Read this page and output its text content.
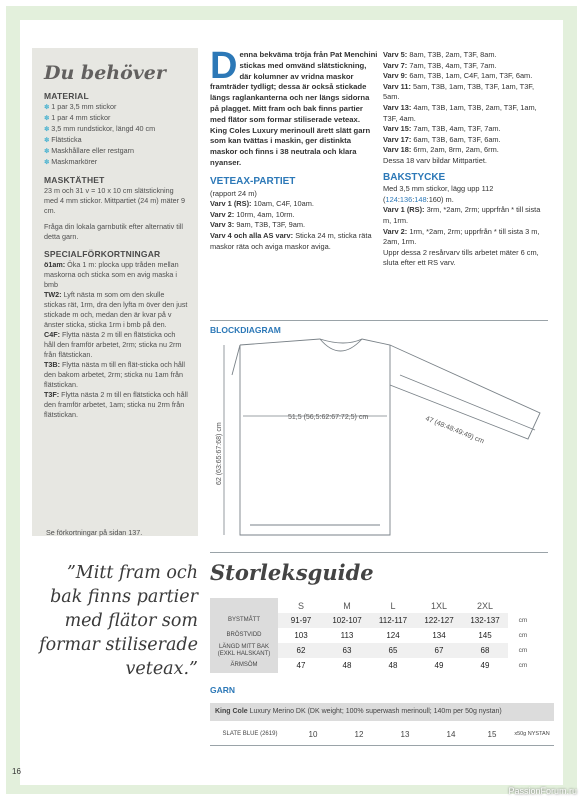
Du behöver
MATERIAL
✽ 1 par 3,5 mm stickor
✽ 1 par 4 mm stickor
✽ 3,5 mm rundstickor, längd 40 cm
✽ Flätsticka
✽ Maskhållare eller restgarn
✽ Maskmarkörer
MASKTÄTHET
23 m och 31 v = 10 x 10 cm slätstickning med 4 mm stickor. Mittpartiet (24 m) mäter 9 cm.
Fråga din lokala garnbutik efter alternativ till detta garn.
SPECIALFÖRKORTNINGAR
ö1am: Öka 1 m: plocka upp tråden mellan maskorna och sticka som en avig maska i bmb
TW2: Lyft nästa m som om den skulle stickas rät, 1rm, dra den lyfta m över den just stickade m och, medan den är kvar på v änster sticka, sticka 1rm i bmb på den.
C4F: Flytta nästa 2 m till en flätsticka och håll den framför arbetet, 2rm; sticka nu 2rm från flätstickan.
T3B: Flytta nästa m till en flät-sticka och håll den bakom arbetet, 2rm; sticka nu 1am från flätstickan.
T3F: Flytta nästa 2 m till en flätsticka och håll den framför arbetet, 1am; sticka nu 2rm från flätstickan.
Se förkortningar på sidan 137.
Denna bekväma tröja från Pat Menchini stickas med omvänd slätstickning, där kolumner av vridna maskor framträder tydligt; dessa är också stickade längs raglankanterna och ner längs sidorna på plagget. Mitt fram och bak finns partier med flätor som formar stiliserade veteax. King Coles Luxury merinoull ärett slätt garn som kan tvättas i maskin, ger distinkta maskor och finns i 38 neutrala och klara nyanser.
VETEAX-PARTIET
(rapport 24 m)
Varv 1 (RS): 10am, C4F, 10am.
Varv 2: 10rm, 4am, 10rm.
Varv 3: 9am, T3B, T3F, 9am.
Varv 4 och alla AS varv: Sticka 24 m, sticka räta maskor räta och aviga maskor aviga.
Varv 5: 8am, T3B, 2am, T3F, 8am.
Varv 7: 7am, T3B, 4am, T3F, 7am.
Varv 9: 6am, T3B, 1am, C4F, 1am, T3F, 6am.
Varv 11: 5am, T3B, 1am, T3B, T3F, 1am, T3F, 5am.
Varv 13: 4am, T3B, 1am, T3B, 2am, T3F, 1am, T3F, 4am.
Varv 15: 7am, T3B, 4am, T3F, 7am.
Varv 17: 6am, T3B, 6am, T3F, 6am.
Varv 18: 6rm, 2am, 8rm, 2am, 6rm.
Dessa 18 varv bildar Mittpartiet.
BAKSTYCKE
Med 3,5 mm stickor, lägg upp 112 (124:136:148:160) m.
Varv 1 (RS): 3rm, *2am, 2rm; upprfrån * till sista m, 1rm.
Varv 2: 1rm, *2am, 2rm; upprfrån * till sista 3 m, 2am, 1rm.
Uppr dessa 2 resårvarv tills arbetet mäter 6 cm, sluta efter ett RS varv.
BLOCKDIAGRAM
51,5 (56,5:62:67:72,5) cm
62 (63:65:67:68) cm	47 (48:48:49:49) cm
”Mitt fram och bak finns partier med flätor som formar stiliserade veteax.”
Storleksguide
	S	M	L	1XL	2XL	
BYSTMÅTT	91-97	102-107	112-117	122-127	132-137	cm
BRÖSTVIDD	103	113	124	134	145	cm
LÄNGD MITT BAK (EXKL HALSKANT)	62	63	65	67	68	cm
ÄRMSÖM	47	48	48	49	49	cm
GARN
King Cole Luxury Merino DK (DK weight; 100% superwash merinoull; 140m per 50g nystan)
SLATE BLUE (2619)	10	12	13	14	15	x50g NYSTAN
16
PassionForum.ru
